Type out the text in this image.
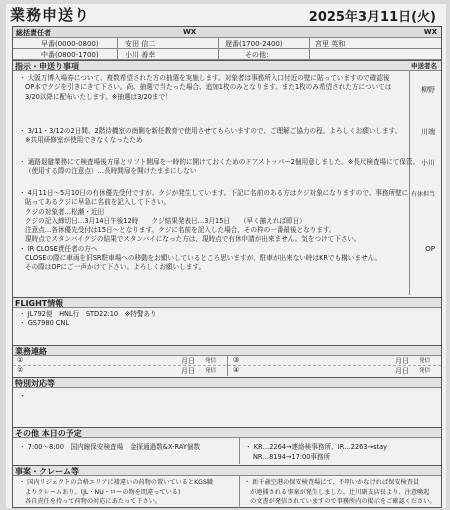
業務申送り	2025年3月11日(火)
総括責任者	WX	WX
早番(0000-0800)	安田 信二	遅番(1700-2400)	宮里 英和
中番(0800-1700)	小川 善幸	その他：
指示・申送り事項	申送者名
・ 大阪万博入場券について、複数希望された方の抽選を実施します。対象者は事務所入口付近の壁に貼っていますので確認後
OP本でクジを引きにきて下さい。尚、抽選で当たった場合、追加1枚のみとなります。また1枚のみ希望された方については
3/20以降に配布いたします。※抽選は3/20まで！
柳野
・ 3/11・3/12の2日間、2階待機室の南側を新任教育で使用させてもらいますので、ご理解ご協力の程、よろしくお願いします。
※共用研修室が使用できなくなったため
川端
・ 通路退避業務にて検査場後方扉とリフト側扉を一時的に開けておくためのドアストッパー2個用意しました。※長尺検査場にて保管。
（使用する際の注意点）…長時間扉を開けたままにしない
小川
・ 4月11日～5月10日の有休優先受付ですが、クジが発生しています。下記に名前のある方はクジ対象になりますので、事務所壁に
貼ってあるクジに早急に名前を記入して下さい。
クジの対象者…松瀬・近田
クジの記入締切日…3月14日午後12時　　クジ結果発表日…3月15日　　（早く揃えれば即日）
注意点…各休優先受付は15日～となります。クジに名前を記入した場合、その枠の一番最後となります。
現時点でスタンバイクジの結果でスタンバイになった方は、現時点で有休申請が出来ません。気をつけて下さい。
・ IR CLOSE責任者の方へ
CLOSEの際に車両を旧SR駐車場への移動をお願いしているところ思いますが、駐車が出来ない時はKRでも構いません。
その際はOPにご一声かけて下さい。よろしくお願いします。
有休担当
OP
FLIGHT情報
・ JL792便　HNL行　STD22:10　※特警あり
・ GS7980 CNL
業務連絡
①	月日 発信 ③	月日 発信
②	月日 発信 ④	月日 発信
特別対応等
・
その他 本日の予定
・ 7:00～8:00　国内線保安検査場　金探通過数&X-RAY個数	・ KR…2264→連絡検事務所、IR…2263→stay
NR…8194→17:00事務所
事案・クレーム等
・ 国内リジェクトの合格エリアに褄違いの荷物の置いているとKGS職
よりクレームあり。(JL・NU・ローの物を間違っている)
各自責任を持って荷物の対応にあたって下さい。
・ 新千歳空港の保安検査場にて、不明いかなければ保安検査員
が連捕される事案が発生しました。辻川副支店長より、注意喚起
の文書が発信されていますので事務所内の掲示をご確認ください。
